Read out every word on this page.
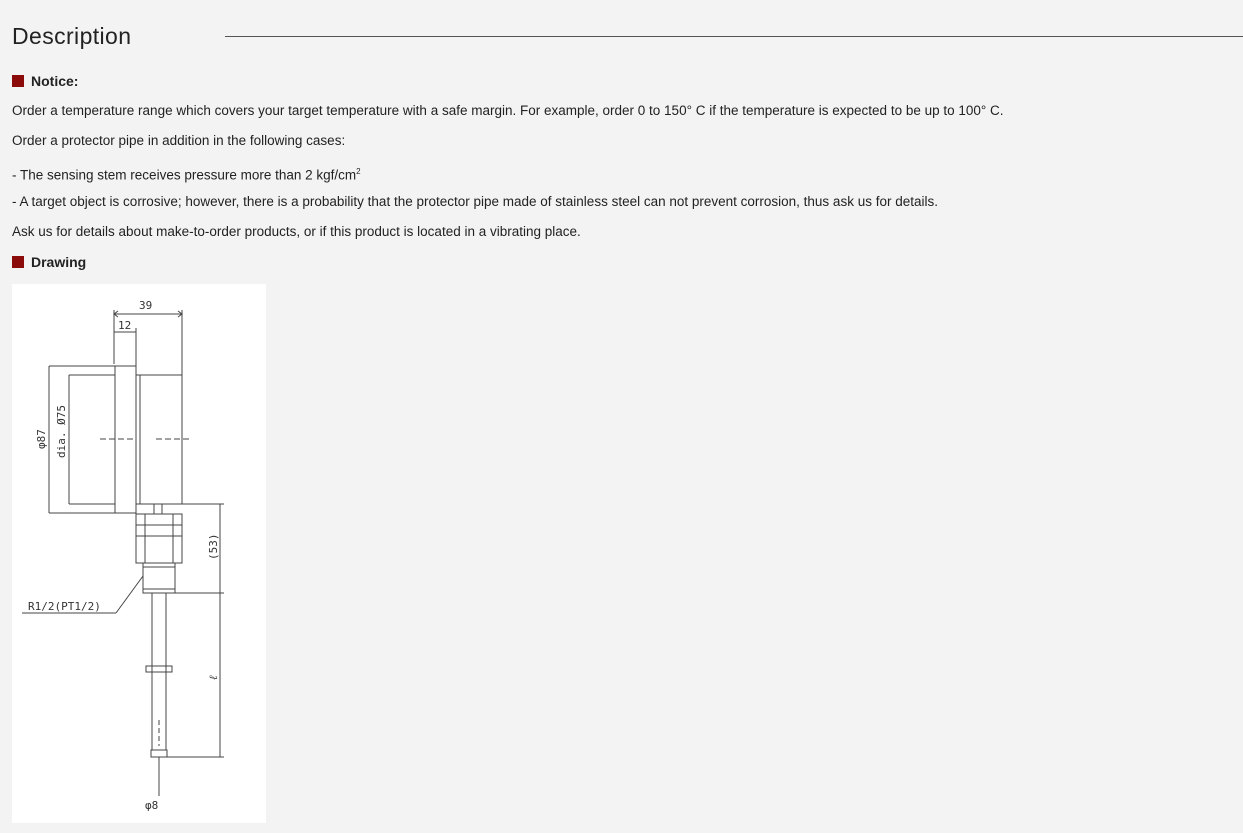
Description
Notice:
Order a temperature range which covers your target temperature with a safe margin. For example, order 0 to 150° C if the temperature is expected to be up to 100° C.
Order a protector pipe in addition in the following cases:
- The sensing stem receives pressure more than 2 kgf/$cm^2$
- A target object is corrosive; however, there is a probability that the protector pipe made of stainless steel can not prevent corrosion, thus ask us for details.
Ask us for details about make-to-order products, or if this product is located in a vibrating place.
Drawing
39
12
φ87 dia. Ø75
(53)
R1/2(PT1/2)
ℓ
φ8
